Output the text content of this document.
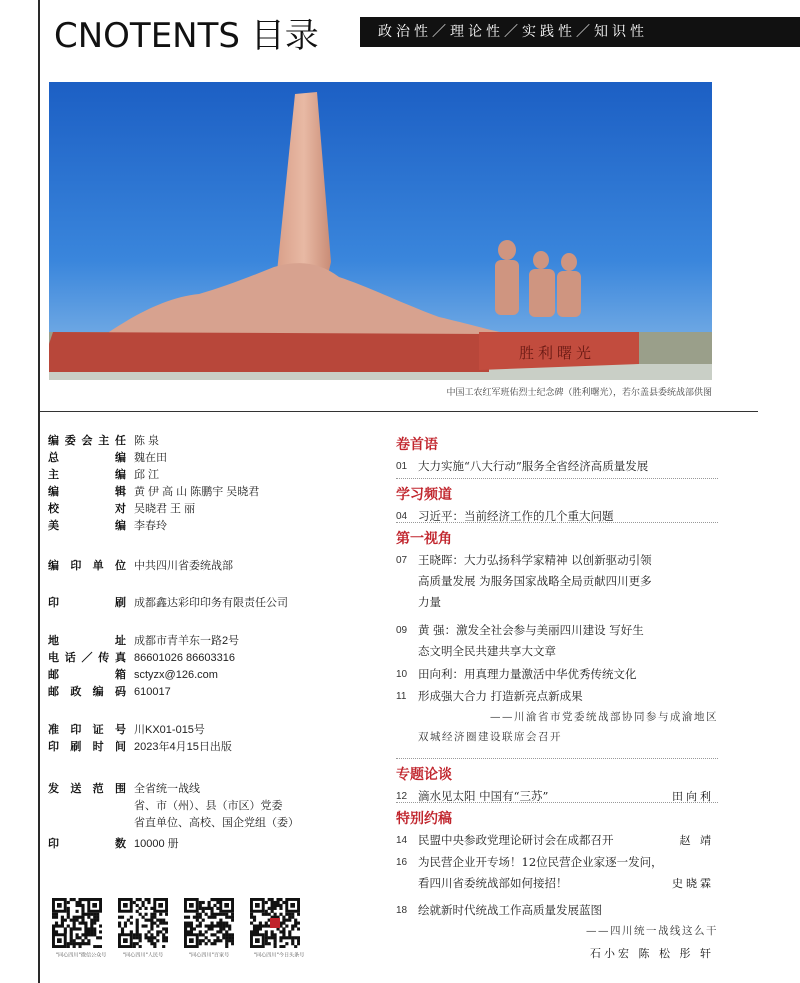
CNOTENTS 目录	政治性／理论性／实践性／知识性
胜利曙光
中国工农红军班佑烈士纪念碑（胜利曙光），若尔盖县委统战部供图
编 委 会 主 任 陈 泉
总	编 魏在田
主	编 邱 江
编	辑 黄 伊 高 山 陈鹏宇 吴晓君
校	对 吴晓君 王 丽
美	编 李春玲
编 印 单 位 中共四川省委统战部
印	刷 成都鑫达彩印印务有限责任公司
地	址 成都市青羊东一路2号
电 话 ／ 传 真 86601026 86603316
邮	箱 sctyzx@126.com
邮 政 编 码 610017
准 印 证 号 川KX01-015号
印 刷 时 间 2023年4月15日出版
发 送 范 围 全省统一战线
省、市（州）、县（市区）党委
省直单位、高校、国企党组（委）
印	数 10000 册
"同心四川"微信公众号	"同心四川"人民号	"同心四川"百家号	"同心四川"今日头条号
卷首语
学习频道
第一视角
专题论谈
特别约稿
01 大力实施“八大行动”服务全省经济高质量发展
04 习近平：当前经济工作的几个重大问题
07 王晓晖：大力弘扬科学家精神 以创新驱动引领
高质量发展 为服务国家战略全局贡献四川更多
力量
09 黄 强：激发全社会参与美丽四川建设 写好生
态文明全民共建共享大文章
10 田向利：用真理力量激活中华优秀传统文化
11	形成强大合力 打造新亮点新成果
——川渝省市党委统战部协同参与成渝地区
双城经济圈建设联席会召开
12 滴水见太阳 中国有“三苏”	田向利
14 民盟中央参政党理论研讨会在成都召开	赵 靖
16 为民营企业开专场！12位民营企业家逐一发问，
看四川省委统战部如何接招！	史晓霖
18 绘就新时代统战工作高质量发展蓝图
——四川统一战线这么干
石小宏 陈 松 彤 轩
